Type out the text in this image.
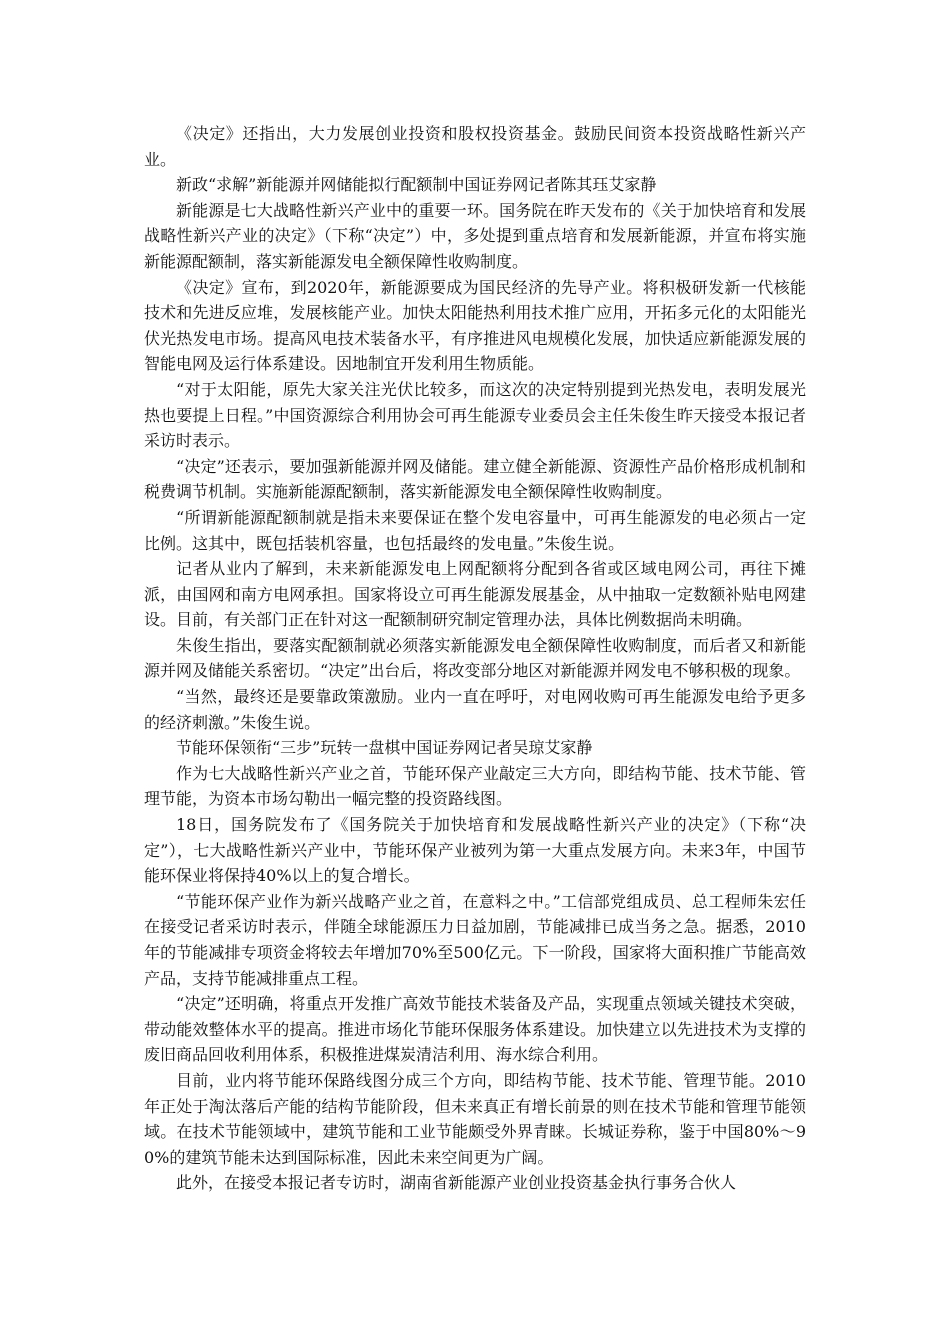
《决定》还指出，大力发展创业投资和股权投资基金。鼓励民间资本投资战略性新兴产业。

新政“求解”新能源并网储能拟行配额制中国证券网记者陈其珏艾家静

新能源是七大战略性新兴产业中的重要一环。国务院在昨天发布的《关于加快培育和发展战略性新兴产业的决定》（下称“决定”）中，多处提到重点培育和发展新能源，并宣布将实施新能源配额制，落实新能源发电全额保障性收购制度。

《决定》宣布，到2020年，新能源要成为国民经济的先导产业。将积极研发新一代核能技术和先进反应堆，发展核能产业。加快太阳能热利用技术推广应用，开拓多元化的太阳能光伏光热发电市场。提高风电技术装备水平，有序推进风电规模化发展，加快适应新能源发展的智能电网及运行体系建设。因地制宜开发利用生物质能。

“对于太阳能，原先大家关注光伏比较多，而这次的决定特别提到光热发电，表明发展光热也要提上日程。”中国资源综合利用协会可再生能源专业委员会主任朱俊生昨天接受本报记者采访时表示。

“决定”还表示，要加强新能源并网及储能。建立健全新能源、资源性产品价格形成机制和税费调节机制。实施新能源配额制，落实新能源发电全额保障性收购制度。

“所谓新能源配额制就是指未来要保证在整个发电容量中，可再生能源发的电必须占一定比例。这其中，既包括装机容量，也包括最终的发电量。”朱俊生说。

记者从业内了解到，未来新能源发电上网配额将分配到各省或区域电网公司，再往下摊派，由国网和南方电网承担。国家将设立可再生能源发展基金，从中抽取一定数额补贴电网建设。目前，有关部门正在针对这一配额制研究制定管理办法，具体比例数据尚未明确。

朱俊生指出，要落实配额制就必须落实新能源发电全额保障性收购制度，而后者又和新能源并网及储能关系密切。“决定”出台后，将改变部分地区对新能源并网发电不够积极的现象。

“当然，最终还是要靠政策激励。业内一直在呼吁，对电网收购可再生能源发电给予更多的经济刺激。”朱俊生说。

节能环保领衔“三步”玩转一盘棋中国证券网记者吴琼艾家静

作为七大战略性新兴产业之首，节能环保产业敲定三大方向，即结构节能、技术节能、管理节能，为资本市场勾勒出一幅完整的投资路线图。

18日，国务院发布了《国务院关于加快培育和发展战略性新兴产业的决定》（下称“决定”），七大战略性新兴产业中，节能环保产业被列为第一大重点发展方向。未来3年，中国节能环保业将保持40%以上的复合增长。

“节能环保产业作为新兴战略产业之首，在意料之中。”工信部党组成员、总工程师朱宏任在接受记者采访时表示，伴随全球能源压力日益加剧，节能减排已成当务之急。据悉，2010年的节能减排专项资金将较去年增加70%至500亿元。下一阶段，国家将大面积推广节能高效产品，支持节能减排重点工程。

“决定”还明确，将重点开发推广高效节能技术装备及产品，实现重点领域关键技术突破，带动能效整体水平的提高。推进市场化节能环保服务体系建设。加快建立以先进技术为支撑的废旧商品回收利用体系，积极推进煤炭清洁利用、海水综合利用。

目前，业内将节能环保路线图分成三个方向，即结构节能、技术节能、管理节能。2010年正处于淘汰落后产能的结构节能阶段，但未来真正有增长前景的则在技术节能和管理节能领域。在技术节能领域中，建筑节能和工业节能颇受外界青睐。长城证券称，鉴于中国80%～90%的建筑节能未达到国际标准，因此未来空间更为广阔。

此外，在接受本报记者专访时，湖南省新能源产业创业投资基金执行事务合伙人
